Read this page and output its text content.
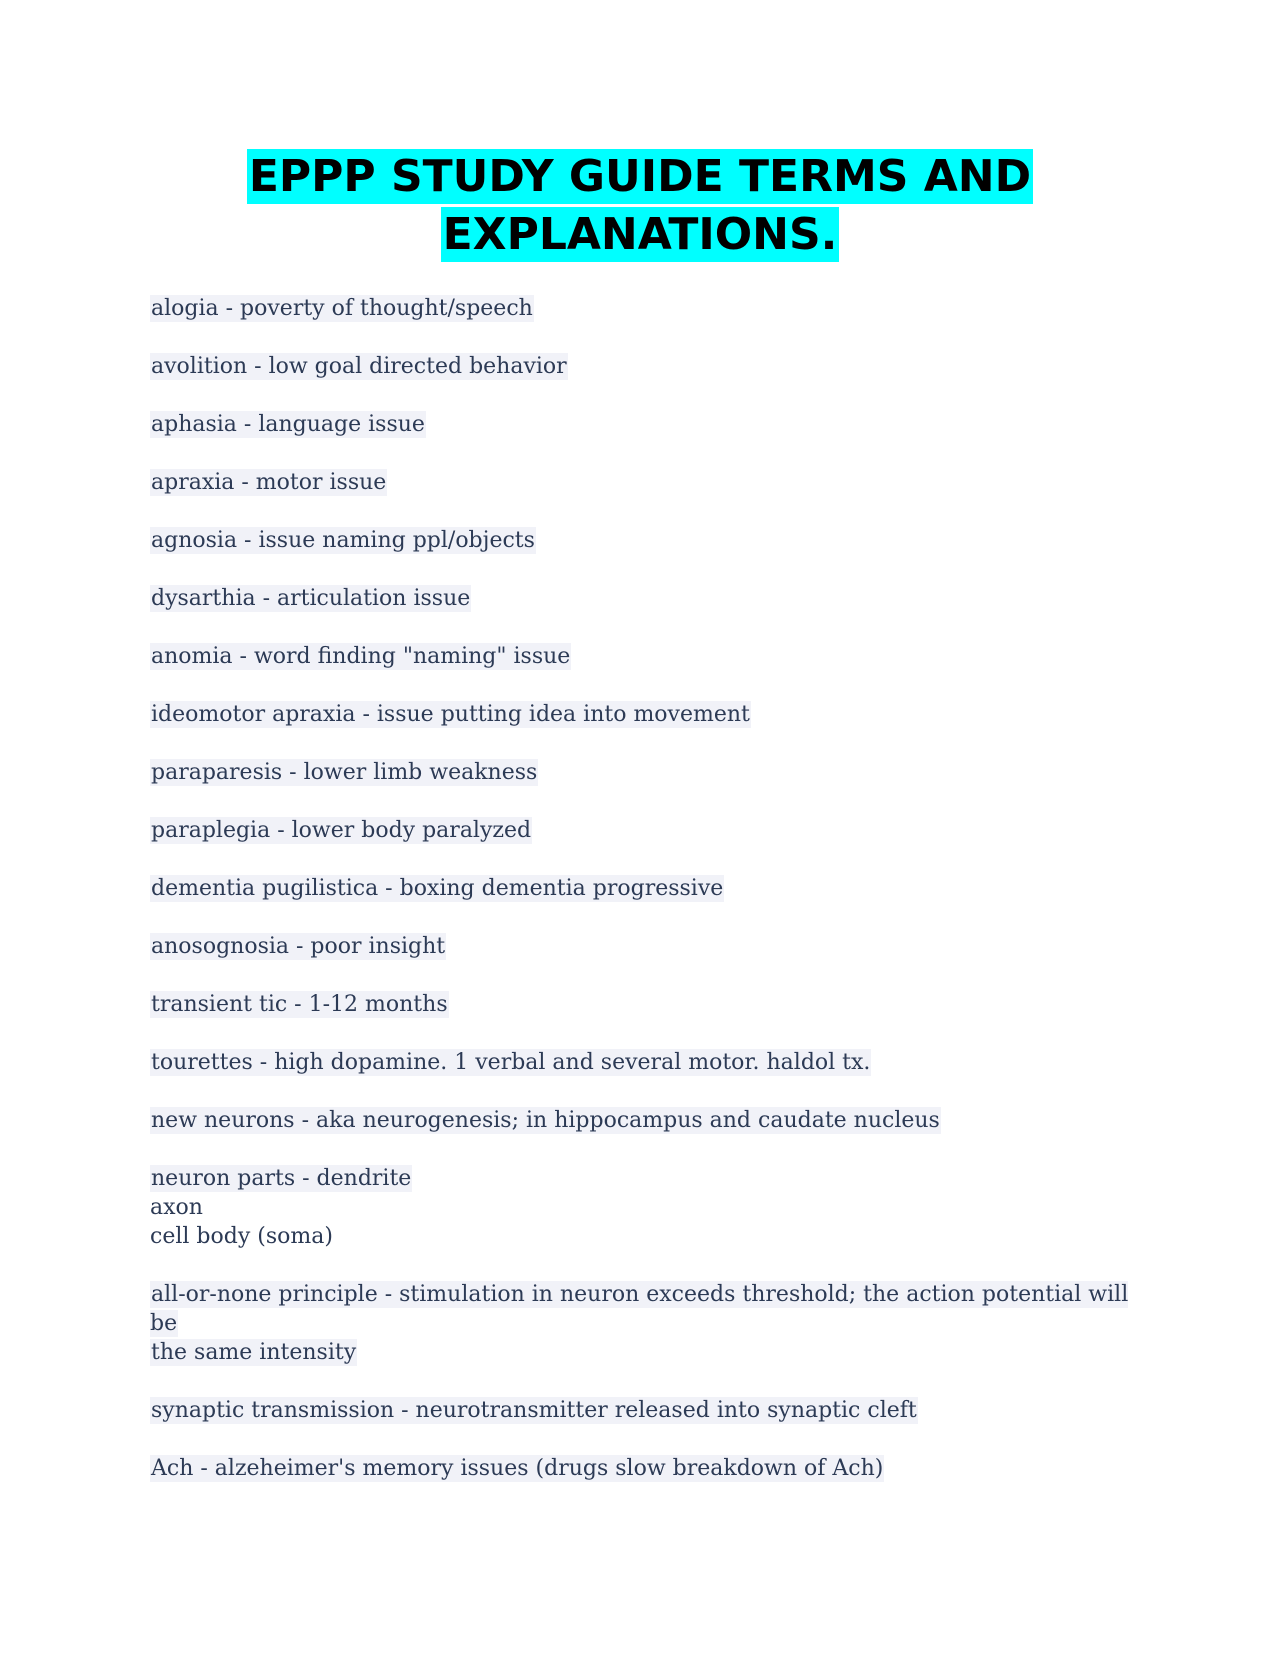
EPPP STUDY GUIDE TERMS AND
EXPLANATIONS.
alogia - poverty of thought/speech
avolition - low goal directed behavior
aphasia - language issue
apraxia - motor issue
agnosia - issue naming ppl/objects
dysarthia - articulation issue
anomia - word finding "naming" issue
ideomotor apraxia - issue putting idea into movement
paraparesis - lower limb weakness
paraplegia - lower body paralyzed
dementia pugilistica - boxing dementia progressive
anosognosia - poor insight
transient tic - 1-12 months
tourettes - high dopamine. 1 verbal and several motor. haldol tx.
new neurons - aka neurogenesis; in hippocampus and caudate nucleus
neuron parts - dendrite
axon
cell body (soma)
all-or-none principle - stimulation in neuron exceeds threshold; the action potential will be
the same intensity
synaptic transmission - neurotransmitter released into synaptic cleft
Ach - alzeheimer's memory issues (drugs slow breakdown of Ach)
